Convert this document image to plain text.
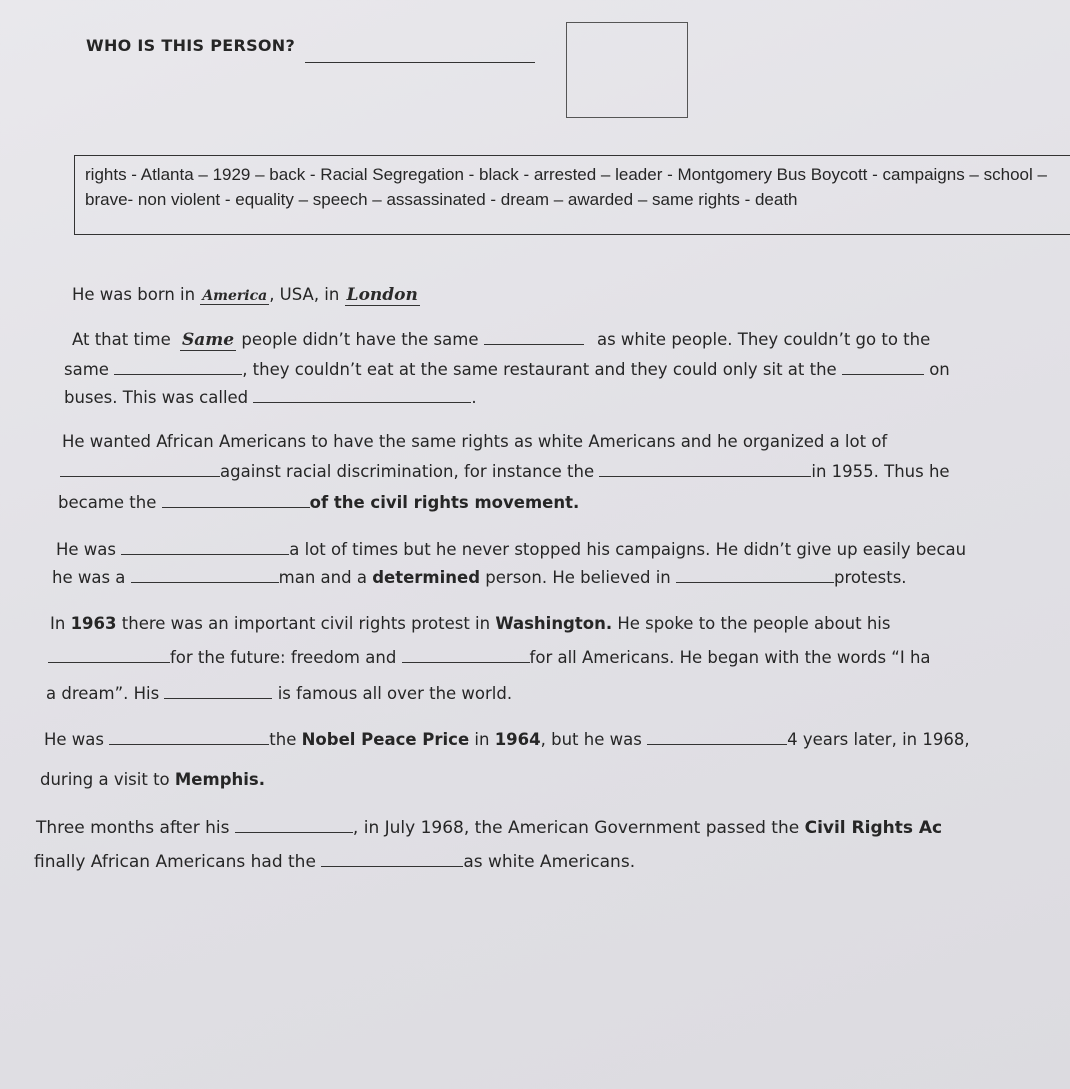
WHO IS THIS PERSON?
rights - Atlanta – 1929 – back - Racial Segregation - black - arrested – leader - Montgomery Bus Boycott - campaigns – school – brave- non violent - equality – speech – assassinated - dream – awarded – same rights - death
He was born in America , USA, in London
At that time Same people didn’t have the same	as white people. They couldn’t go to the
same	, they couldn’t eat at the same restaurant and they could only sit at the	on
buses. This was called	.
He wanted African Americans to have the same rights as white Americans and he organized a lot of
against racial discrimination, for instance the	in 1955. Thus he
became the	of the civil rights movement.
He was	a lot of times but he never stopped his campaigns. He didn’t give up easily becau
he was a	man and a determined person. He believed in	protests.
In 1963 there was an important civil rights protest in Washington. He spoke to the people about his
for the future: freedom and	for all Americans. He began with the words “I ha
a dream”. His	is famous all over the world.
He was	the Nobel Peace Price in 1964, but he was	4 years later, in 1968,
during a visit to Memphis.
Three months after his	, in July 1968, the American Government passed the Civil Rights Ac
finally African Americans had the	as white Americans.
